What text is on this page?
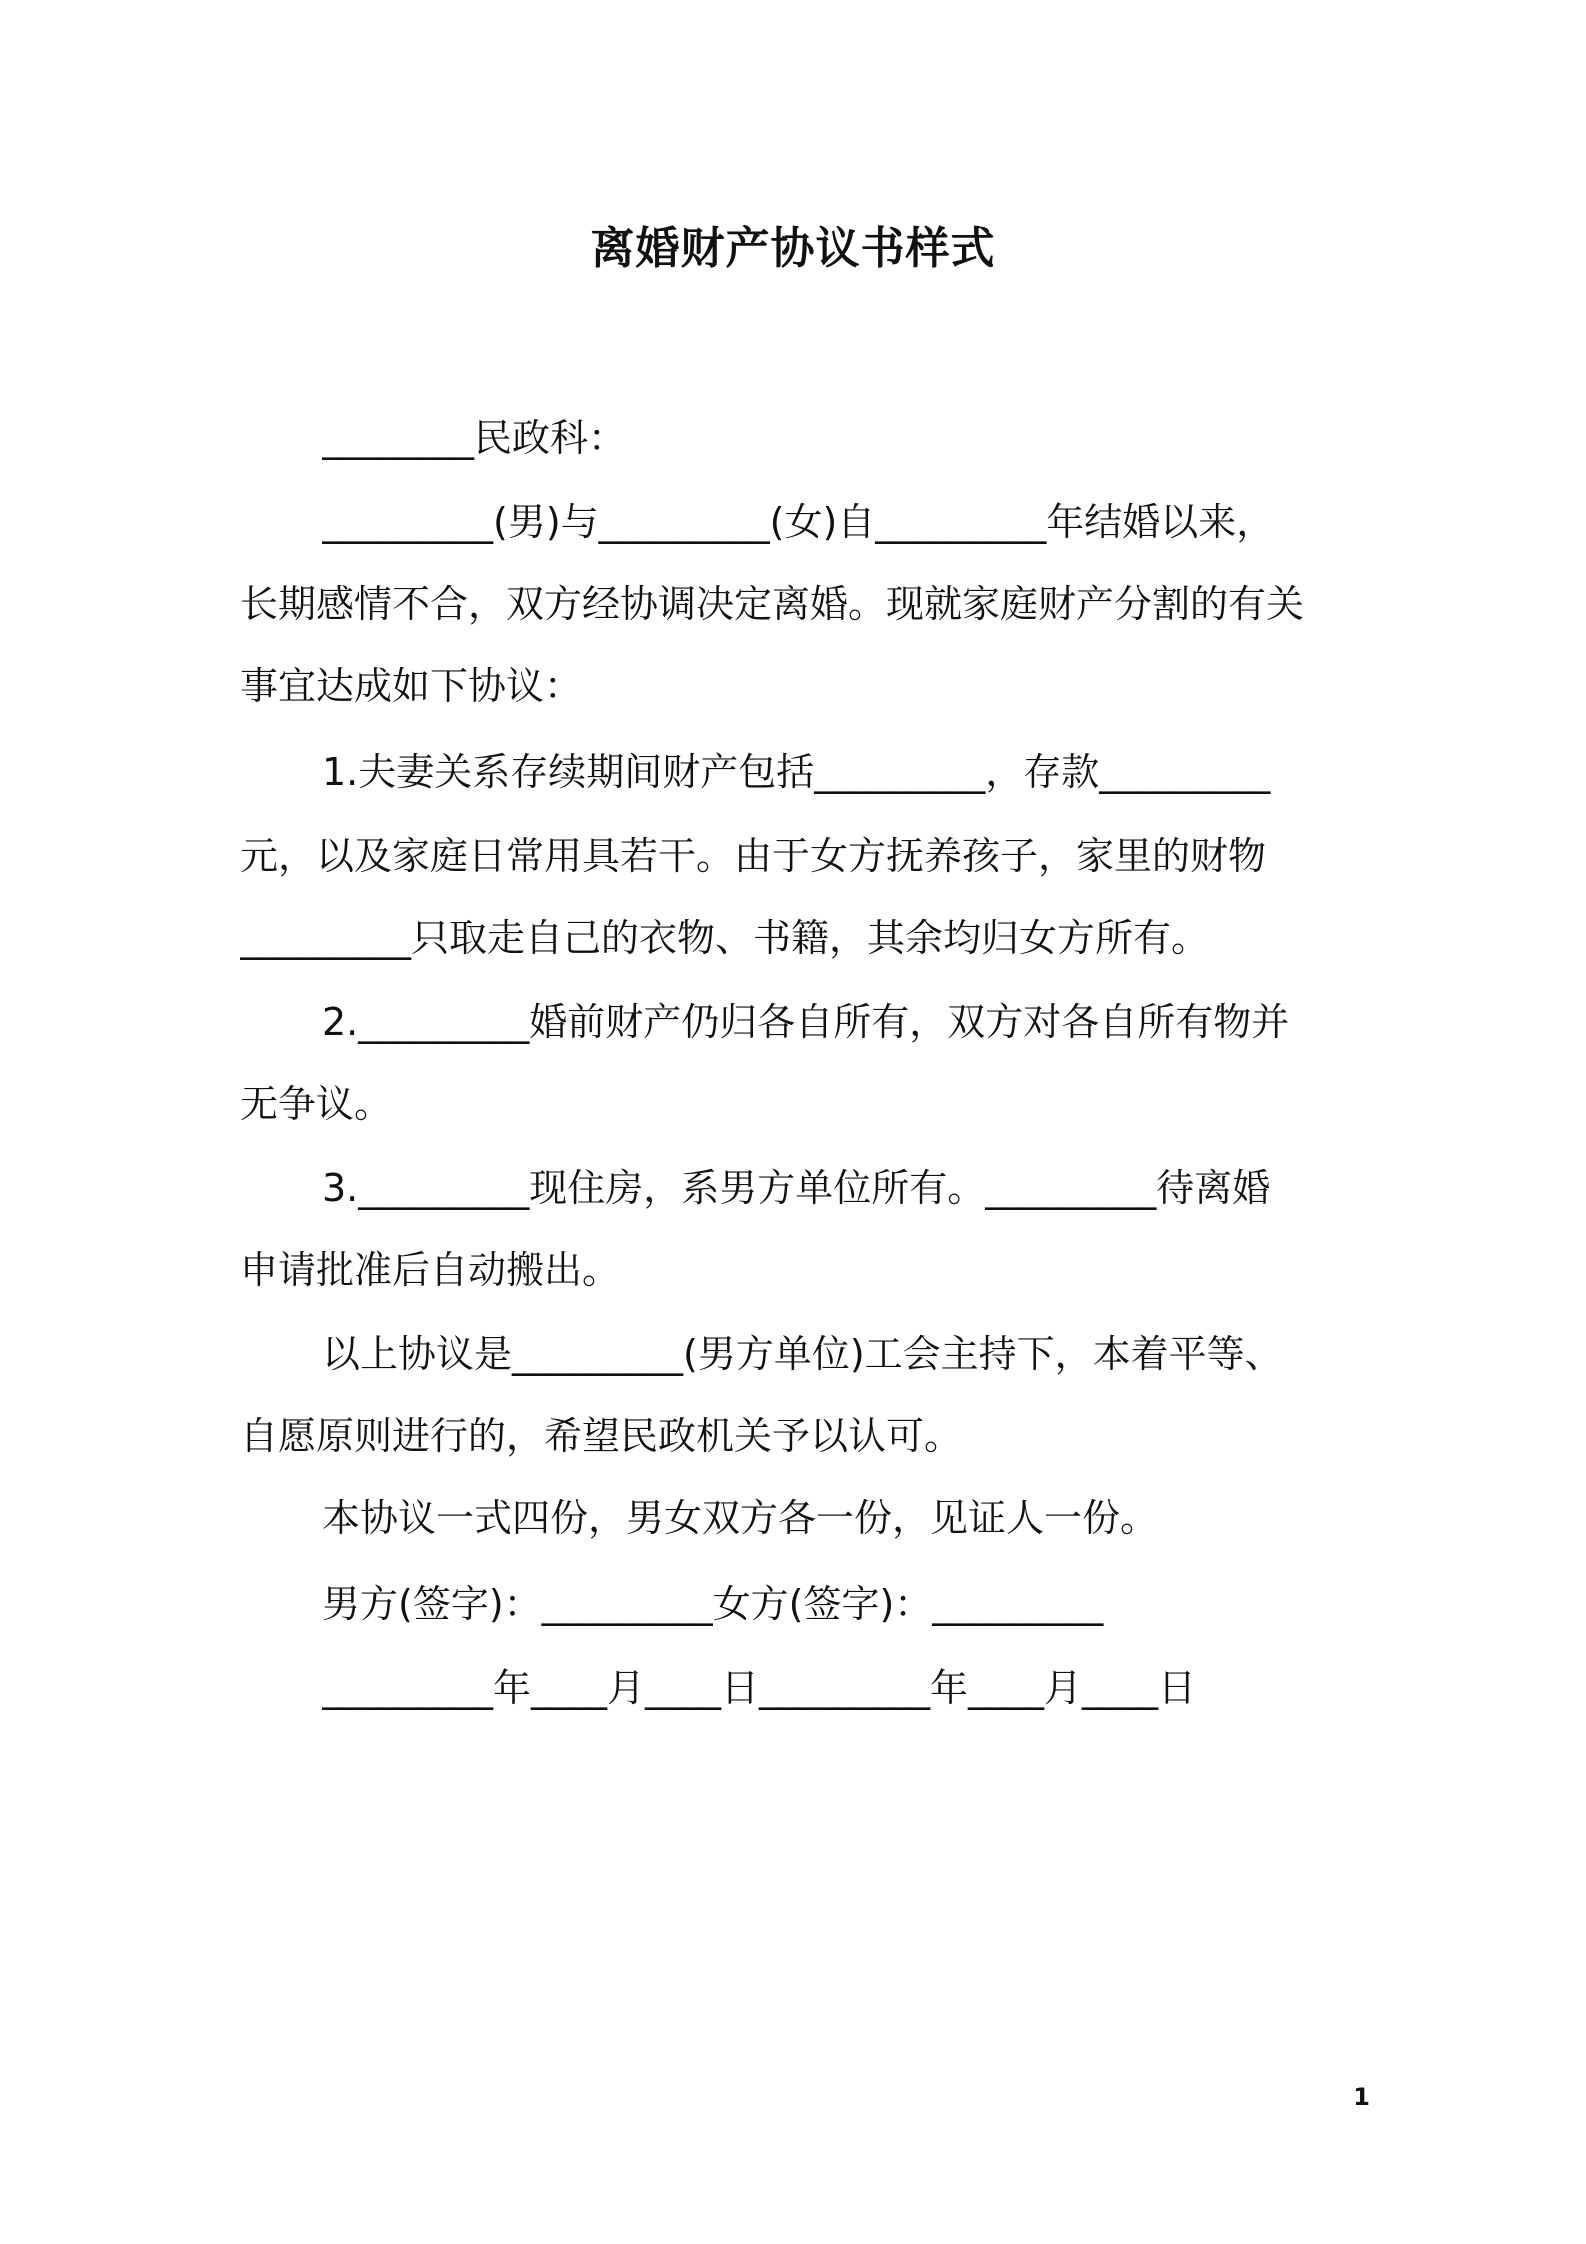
离婚财产协议书样式
________民政科：
_________(男)与_________(女)自_________年结婚以来，
长期感情不合，双方经协调决定离婚。现就家庭财产分割的有关
事宜达成如下协议：
1.夫妻关系存续期间财产包括_________，存款_________
元，以及家庭日常用具若干。由于女方抚养孩子，家里的财物
_________只取走自己的衣物、书籍，其余均归女方所有。
2._________婚前财产仍归各自所有，双方对各自所有物并
无争议。
3._________现住房，系男方单位所有。_________待离婚
申请批准后自动搬出。
以上协议是_________(男方单位)工会主持下，本着平等、
自愿原则进行的，希望民政机关予以认可。
本协议一式四份，男女双方各一份，见证人一份。
男方(签字)：_________女方(签字)：_________
_________年____月____日_________年____月____日
1
